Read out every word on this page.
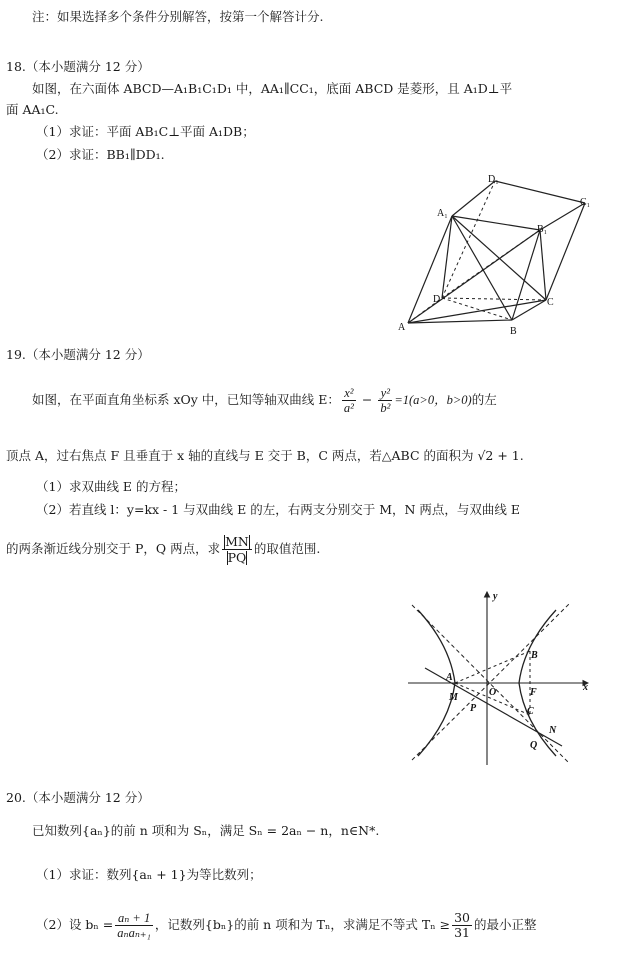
注：如果选择多个条件分别解答，按第一个解答计分.
18.（本小题满分 12 分）
如图，在六面体 ABCD—A₁B₁C₁D₁ 中，AA₁∥CC₁，底面 ABCD 是菱形，且 A₁D⊥平
面 AA₁C.
（1）求证：平面 AB₁C⊥平面 A₁DB；
（2）求证：BB₁∥DD₁.
A	B
C
D
A₁
B₁
C₁
D₁
19.（本小题满分 12 分）
如图，在平面直角坐标系 xOy 中，已知等轴双曲线 E： $\frac{\text{x²}}{\text{a²}} - \frac{\text{y²}}{\text{b²}} =1(a>0$，b>0)的左
顶点 A，过右焦点 F 且垂直于 x 轴的直线与 E 交于 B，C 两点，若△ABC 的面积为 √2 + 1.
（1）求双曲线 E 的方程；
（2）若直线 l：y=kx - 1 与双曲线 E 的左，右两支分别交于 M，N 两点，与双曲线 E
的两条渐近线分别交于 P，Q 两点，求 $\frac{MN}{PQ}$ 的取值范围.
y
x
A
O	F
B
C
M
P
N
Q
20.（本小题满分 12 分）
已知数列{aₙ}的前 n 项和为 Sₙ，满足 Sₙ = 2aₙ − n，n∈N*.
（1）求证：数列{aₙ + 1}为等比数列；
（2）设 $b_n = \frac{\text{aₙ + 1}}{\text{aₙaₙ₊₁}}$ ，记数列{bₙ}的前 n 项和为 Tₙ，求满足不等式 $T_n \ge \frac{30}{31}$ 的最小正整
